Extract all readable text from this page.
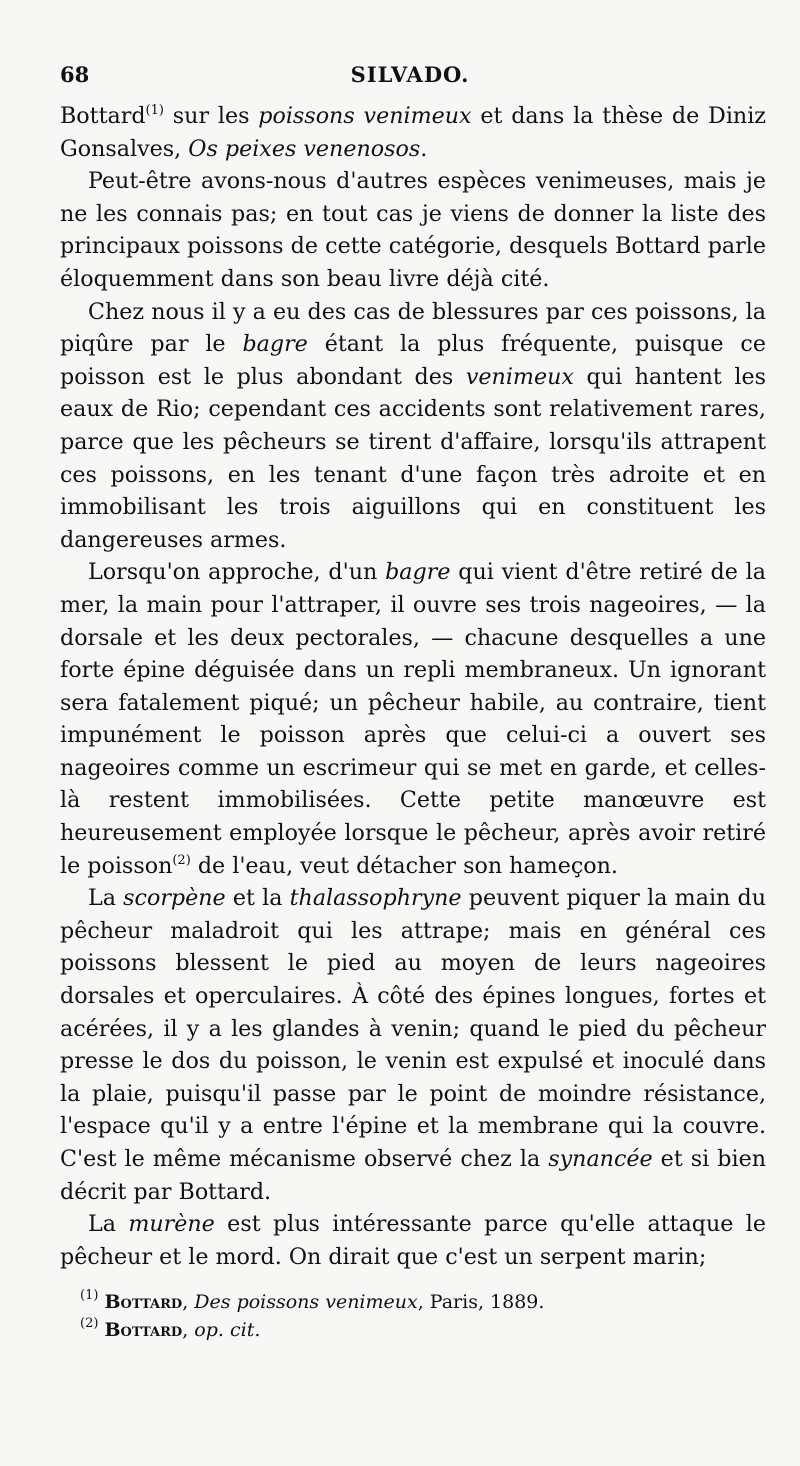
68	SILVADO.

Bottard$^{(1)}$ sur les poissons venimeux et dans la thèse de Diniz Gonsalves, Os peixes venenosos.

Peut-être avons-nous d'autres espèces venimeuses, mais je ne les connais pas; en tout cas je viens de donner la liste des principaux poissons de cette catégorie, desquels Bottard parle éloquemment dans son beau livre déjà cité.

Chez nous il y a eu des cas de blessures par ces poissons, la piqûre par le bagre étant la plus fréquente, puisque ce poisson est le plus abondant des venimeux qui hantent les eaux de Rio; cependant ces accidents sont relativement rares, parce que les pêcheurs se tirent d'affaire, lorsqu'ils attrapent ces poissons, en les tenant d'une façon très adroite et en immobilisant les trois aiguillons qui en constituent les dangereuses armes.

Lorsqu'on approche, d'un bagre qui vient d'être retiré de la mer, la main pour l'attraper, il ouvre ses trois nageoires, — la dorsale et les deux pectorales, — chacune desquelles a une forte épine déguisée dans un repli membraneux. Un ignorant sera fatalement piqué; un pêcheur habile, au contraire, tient impunément le poisson après que celui-ci a ouvert ses nageoires comme un escrimeur qui se met en garde, et celles-là restent immobilisées. Cette petite manœuvre est heureusement employée lorsque le pêcheur, après avoir retiré le poisson$^{(2)}$ de l'eau, veut détacher son hameçon.

La scorpène et la thalassophryne peuvent piquer la main du pêcheur maladroit qui les attrape; mais en général ces poissons blessent le pied au moyen de leurs nageoires dorsales et operculaires. À côté des épines longues, fortes et acérées, il y a les glandes à venin; quand le pied du pêcheur presse le dos du poisson, le venin est expulsé et inoculé dans la plaie, puisqu'il passe par le point de moindre résistance, l'espace qu'il y a entre l'épine et la membrane qui la couvre. C'est le même mécanisme observé chez la synancée et si bien décrit par Bottard.

La murène est plus intéressante parce qu'elle attaque le pêcheur et le mord. On dirait que c'est un serpent marin;

$^{(1)}$ Bottard, Des poissons venimeux, Paris, 1889.

$^{(2)}$ Bottard, op. cit.
